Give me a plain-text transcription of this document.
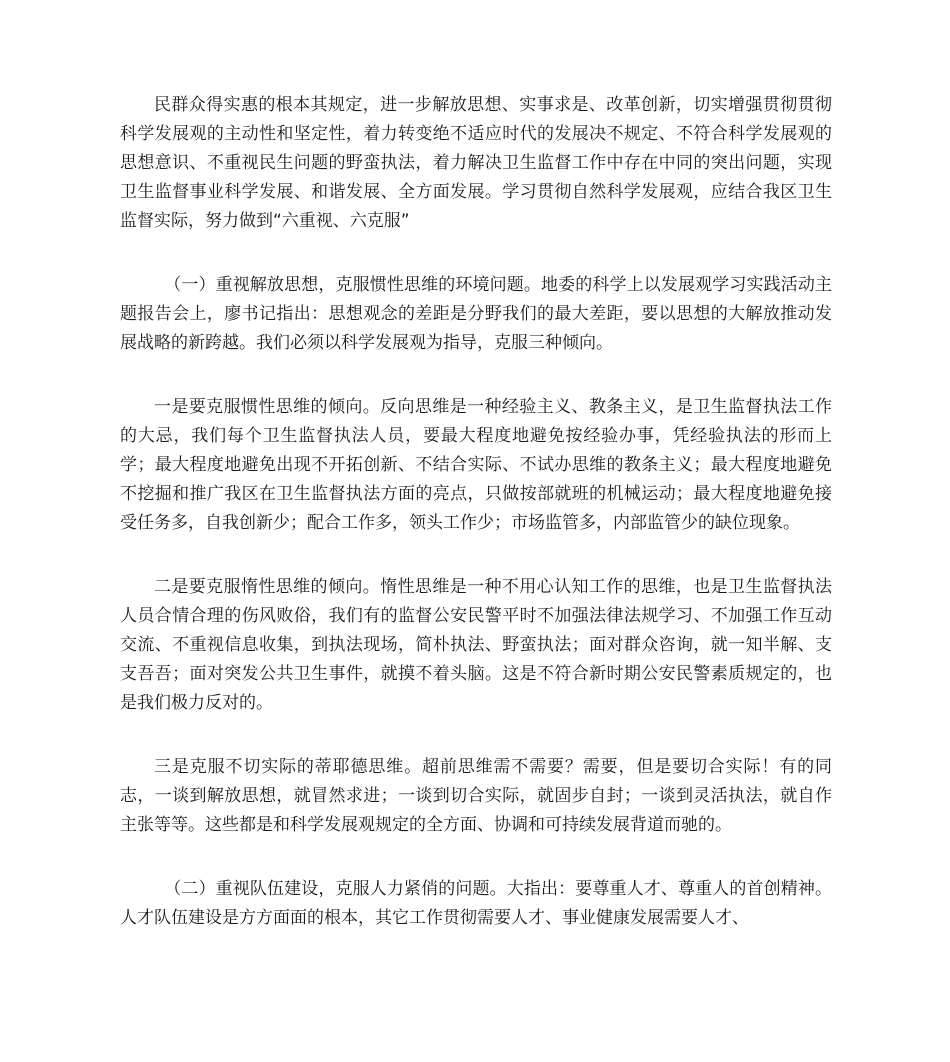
民群众得实惠的根本其规定，进一步解放思想、实事求是、改革创新，切实增强贯彻贯彻科学发展观的主动性和坚定性，着力转变绝不适应时代的发展决不规定、不符合科学发展观的思想意识、不重视民生问题的野蛮执法，着力解决卫生监督工作中存在中同的突出问题，实现卫生监督事业科学发展、和谐发展、全方面发展。学习贯彻自然科学发展观，应结合我区卫生监督实际，努力做到“六重视、六克服”

（一）重视解放思想，克服惯性思维的环境问题。地委的科学上以发展观学习实践活动主题报告会上，廖书记指出：思想观念的差距是分野我们的最大差距，要以思想的大解放推动发展战略的新跨越。我们必须以科学发展观为指导，克服三种倾向。

一是要克服惯性思维的倾向。反向思维是一种经验主义、教条主义，是卫生监督执法工作的大忌，我们每个卫生监督执法人员，要最大程度地避免按经验办事，凭经验执法的形而上学；最大程度地避免出现不开拓创新、不结合实际、不试办思维的教条主义；最大程度地避免不挖掘和推广我区在卫生监督执法方面的亮点，只做按部就班的机械运动；最大程度地避免接受任务多，自我创新少；配合工作多，领头工作少；市场监管多，内部监管少的缺位现象。

二是要克服惰性思维的倾向。惰性思维是一种不用心认知工作的思维，也是卫生监督执法人员合情合理的伤风败俗，我们有的监督公安民警平时不加强法律法规学习、不加强工作互动交流、不重视信息收集，到执法现场，简朴执法、野蛮执法；面对群众咨询，就一知半解、支支吾吾；面对突发公共卫生事件，就摸不着头脑。这是不符合新时期公安民警素质规定的，也是我们极力反对的。

三是克服不切实际的蒂耶德思维。超前思维需不需要？需要，但是要切合实际！有的同志，一谈到解放思想，就冒然求进；一谈到切合实际，就固步自封；一谈到灵活执法，就自作主张等等。这些都是和科学发展观规定的全方面、协调和可持续发展背道而驰的。

（二）重视队伍建设，克服人力紧俏的问题。大指出：要尊重人才、尊重人的首创精神。人才队伍建设是方方面面的根本，其它工作贯彻需要人才、事业健康发展需要人才、
